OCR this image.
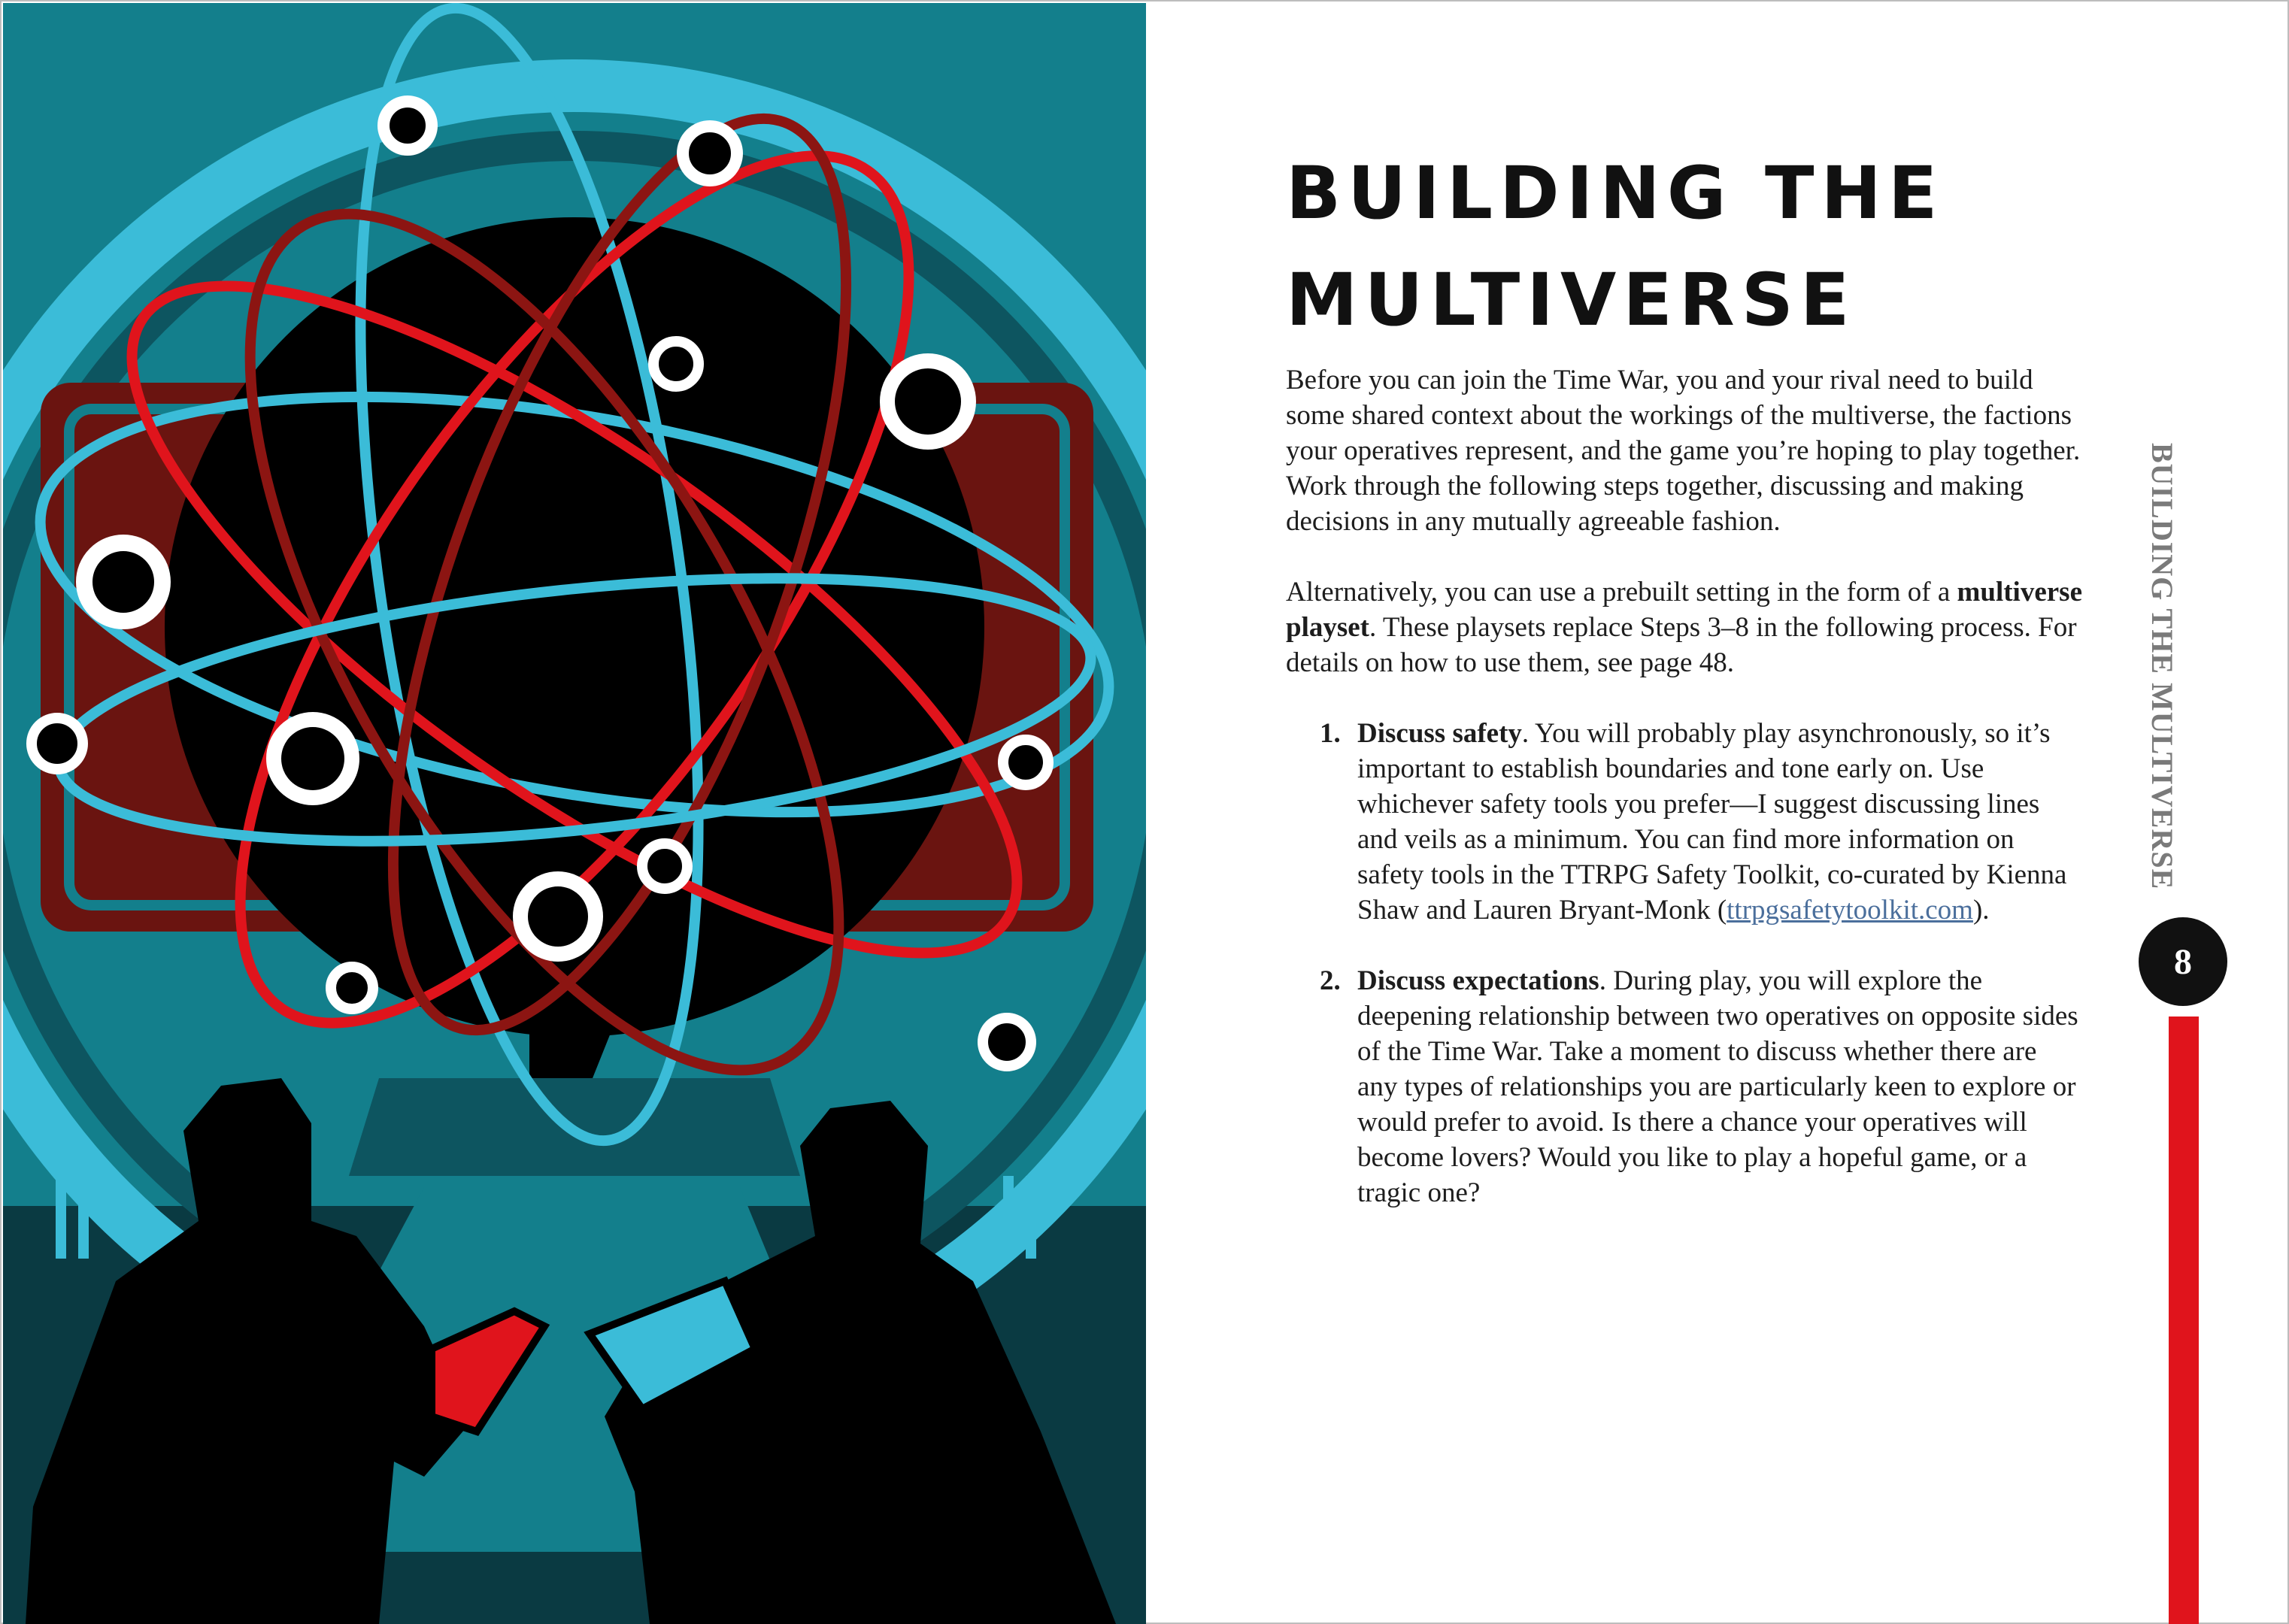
BUILDING THE
MULTIVERSE

Before you can join the Time War, you and your rival need to build some shared context about the workings of the multiverse, the factions your operatives represent, and the game you’re hoping to play together. Work through the following steps together, discussing and making decisions in any mutually agreeable fashion.

Alternatively, you can use a prebuilt setting in the form of a multiverse playset. These playsets replace Steps 3–8 in the following process. For details on how to use them, see page 48.

1. Discuss safety. You will probably play asynchronously, so it’s important to establish boundaries and tone early on. Use whichever safety tools you prefer—I suggest discussing lines and veils as a minimum. You can find more information on safety tools in the TTRPG Safety Toolkit, co-curated by Kienna Shaw and Lauren Bryant-Monk (ttrpgsafetytoolkit.com).
2. Discuss expectations. During play, you will explore the deepening relationship between two operatives on opposite sides of the Time War. Take a moment to discuss whether there are any types of relationships you are particularly keen to explore or would prefer to avoid. Is there a chance your operatives will become lovers? Would you like to play a hopeful game, or a tragic one?
BUILDING THE MULTIVERSE
8
